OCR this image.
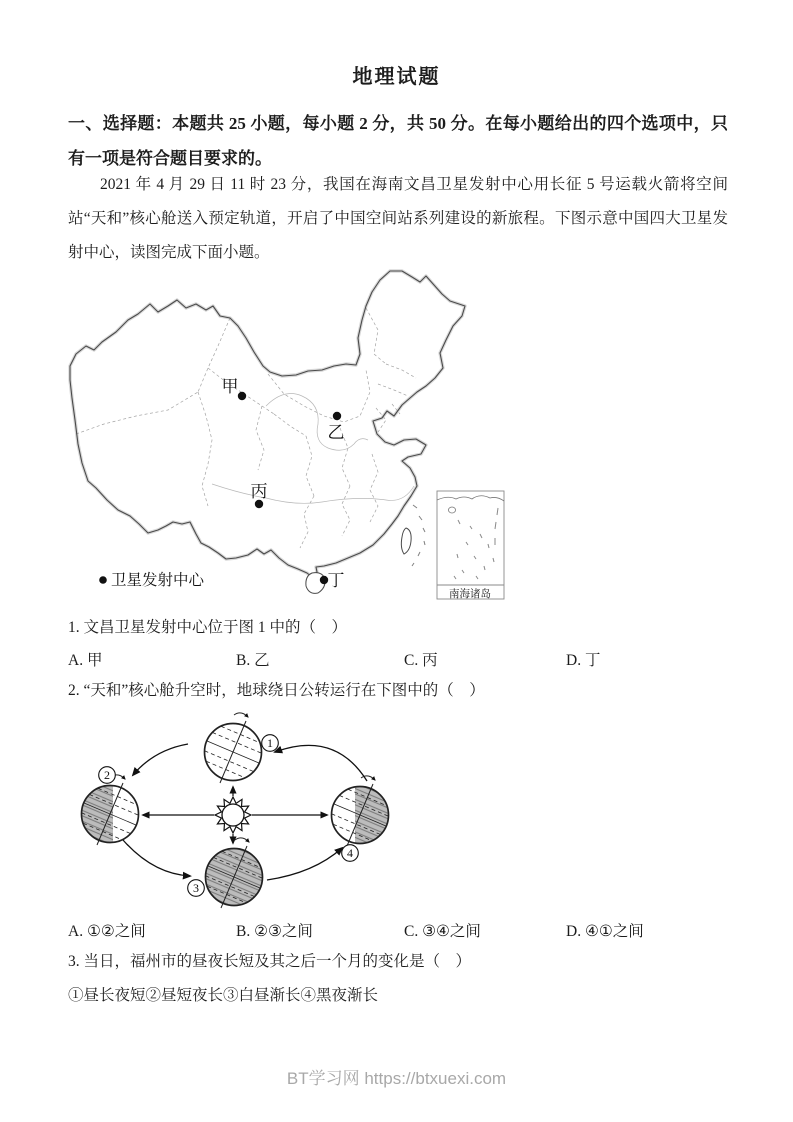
地理试题
一、选择题：本题共 25 小题，每小题 2 分，共 50 分。在每小题给出的四个选项中，只有一项是符合题目要求的。
2021 年 4 月 29 日 11 时 23 分，我国在海南文昌卫星发射中心用长征 5 号运载火箭将空间站“天和”核心舱送入预定轨道，开启了中国空间站系列建设的新旅程。下图示意中国四大卫星发射中心，读图完成下面小题。
南海诸岛
甲
乙
丙
丁
卫星发射中心
1. 文昌卫星发射中心位于图 1 中的（　）
A. 甲	B. 乙	C. 丙	D. 丁
2. “天和”核心舱升空时，地球绕日公转运行在下图中的（　）
1
2
3
4
A. ①②之间	B. ②③之间	C. ③④之间	D. ④①之间
3. 当日，福州市的昼夜长短及其之后一个月的变化是（　）
①昼长夜短②昼短夜长③白昼渐长④黑夜渐长
BT学习网 https://btxuexi.com
